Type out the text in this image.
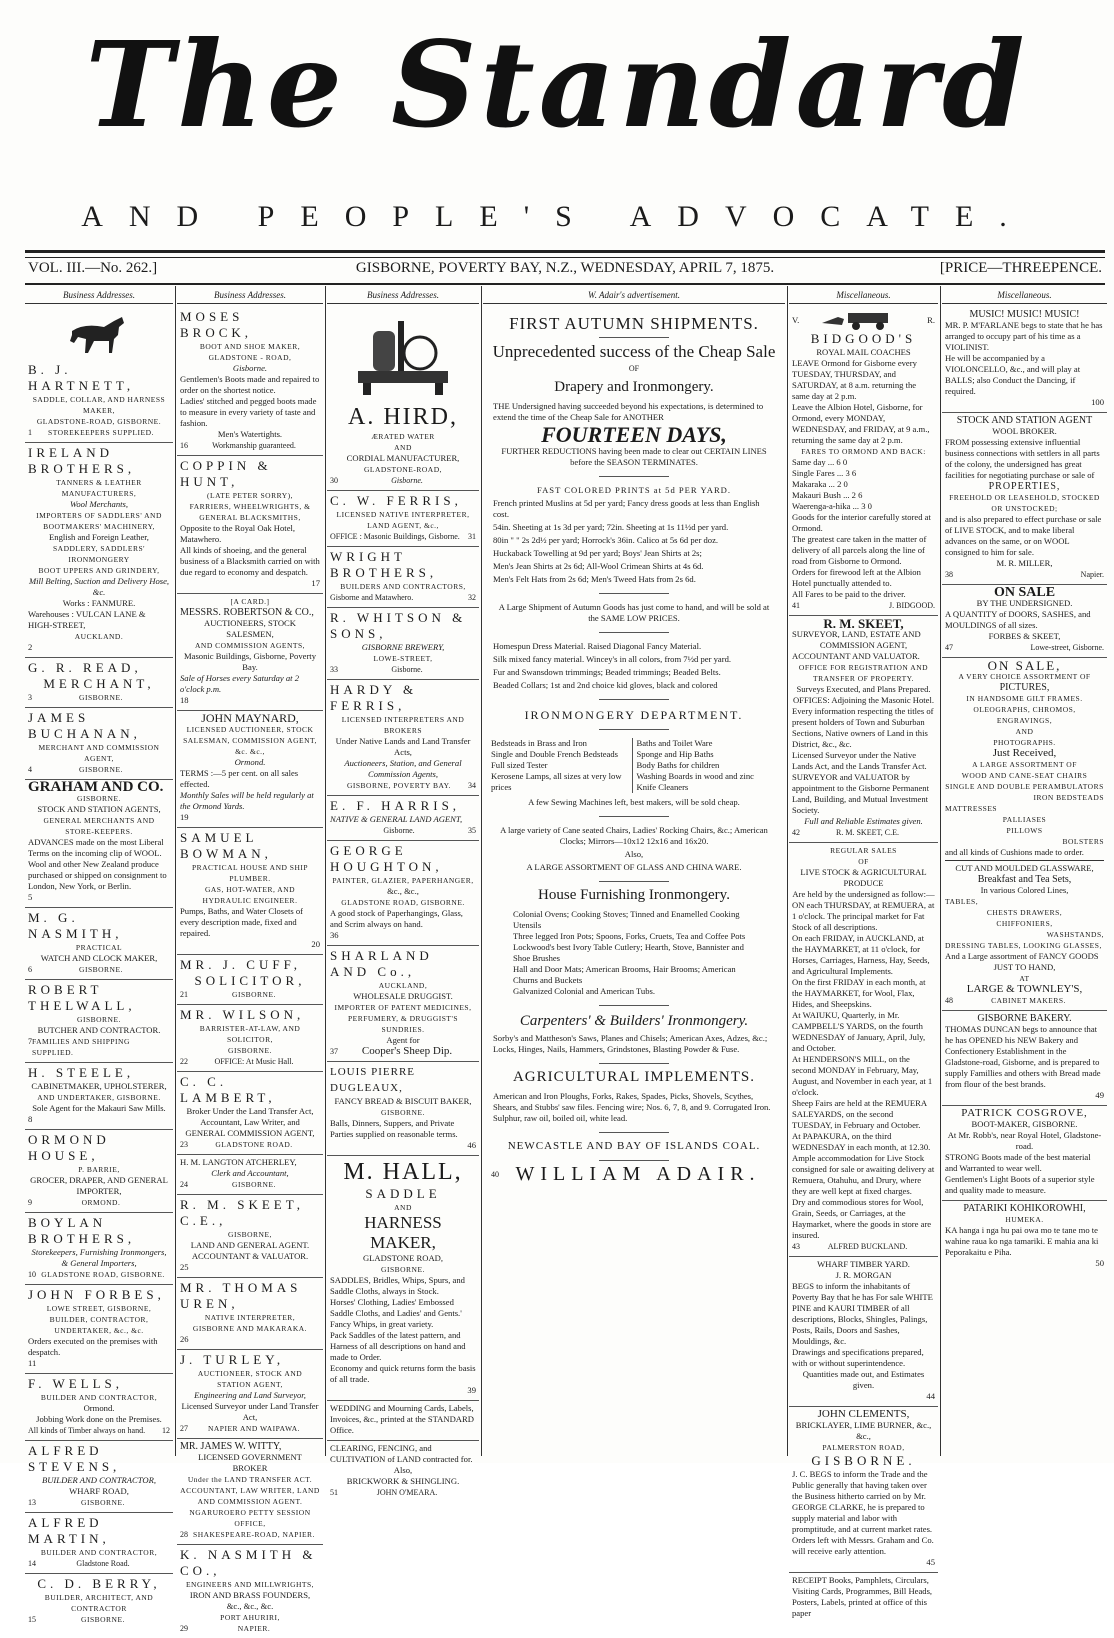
The Standard
AND PEOPLE'S ADVOCATE.
VOL. III.—No. 262.]	GISBORNE, POVERTY BAY, N.Z., WEDNESDAY, APRIL 7, 1875.	[PRICE—THREEPENCE.
Business Addresses.
B. J. HARTNETT,
SADDLE, COLLAR, AND HARNESS MAKER,
GLADSTONE-ROAD, GISBORNE.
1 STOREKEEPERS SUPPLIED.
IRELAND BROTHERS,
TANNERS & LEATHER MANUFACTURERS,
Wool Merchants,
IMPORTERS OF SADDLERS' AND BOOTMAKERS' MACHINERY,
English and Foreign Leather,
SADDLERY, SADDLERS' IRONMONGERY
BOOT UPPERS AND GRINDERY,
Mill Belting, Suction and Delivery Hose, &c.
Works : FANMURE.
Warehouses : VULCAN LANE & HIGH-STREET,
AUCKLAND.
2
G. R. READ,
MERCHANT,
3	GISBORNE.
JAMES BUCHANAN,
MERCHANT AND COMMISSION AGENT,
4	GISBORNE.
GRAHAM AND CO.
GISBORNE.
STOCK AND STATION AGENTS,
GENERAL MERCHANTS AND STORE-KEEPERS.
ADVANCES made on the most Liberal Terms on the incoming clip of WOOL.
Wool and other New Zealand produce purchased or shipped on consignment to London, New York, or Berlin.
5
M. G. NASMITH,
PRACTICAL
WATCH AND CLOCK MAKER,
6	GISBORNE.
ROBERT THELWALL,
GISBORNE.
BUTCHER AND CONTRACTOR.
7 FAMILIES AND SHIPPING SUPPLIED.
H. STEELE,
CABINETMAKER, UPHOLSTERER,
AND UNDERTAKER, GISBORNE.
Sole Agent for the Makauri Saw Mills.
8
ORMOND HOUSE,
P. BARRIE,
GROCER, DRAPER, AND GENERAL IMPORTER,
9	ORMOND.
BOYLAN BROTHERS,
Storekeepers, Furnishing Ironmongers, & General Importers,
10 GLADSTONE ROAD, GISBORNE.
JOHN FORBES,
LOWE STREET, GISBORNE,
BUILDER, CONTRACTOR, UNDERTAKER, &c., &c.
Orders executed on the premises with despatch.
11
F. WELLS,
BUILDER AND CONTRACTOR,
Ormond.
Jobbing Work done on the Premises.
All kinds of Timber always on hand. 12
ALFRED STEVENS,
BUILDER AND CONTRACTOR,
WHARF ROAD,
13	GISBORNE.
ALFRED MARTIN,
BUILDER AND CONTRACTOR,
14	Gladstone Road.
C. D. BERRY,
BUILDER, ARCHITECT, AND CONTRACTOR
15	GISBORNE.
Business Addresses.
MOSES BROCK,
BOOT AND SHOE MAKER,
GLADSTONE - ROAD,
Gisborne.
Gentlemen's Boots made and repaired to order on the shortest notice.
Ladies' stitched and pegged boots made to measure in every variety of taste and fashion.
Men's Watertights.
16	Workmanship guaranteed.
COPPIN & HUNT,
(LATE PETER SORRY),
FARRIERS, WHEELWRIGHTS, & GENERAL BLACKSMITHS,
Opposite to the Royal Oak Hotel, Matawhero.
All kinds of shoeing, and the general business of a Blacksmith carried on with due regard to economy and despatch.
17
[A CARD.]
MESSRS. ROBERTSON & CO.,
AUCTIONEERS, STOCK SALESMEN,
AND COMMISSION AGENTS,
Masonic Buildings, Gisborne, Poverty Bay.
Sale of Horses every Saturday at 2 o'clock p.m.
18
JOHN MAYNARD,
LICENSED AUCTIONEER, STOCK SALESMAN, COMMISSION AGENT, &c. &c.,
Ormond.
TERMS :—5 per cent. on all sales effected.
Monthly Sales will be held regularly at the Ormond Yards.
19
SAMUEL BOWMAN,
PRACTICAL HOUSE AND SHIP PLUMBER.
GAS, HOT-WATER, AND HYDRAULIC ENGINEER.
Pumps, Baths, and Water Closets of every description made, fixed and repaired.
20
MR. J. CUFF,
SOLICITOR,
21	GISBORNE.
MR. WILSON,
BARRISTER-AT-LAW, AND SOLICITOR,
GISBORNE.
22	OFFICE: At Music Hall.
C. C. LAMBERT,
Broker Under the Land Transfer Act,
Accountant, Law Writer, and
GENERAL COMMISSION AGENT,
23	GLADSTONE ROAD.
H. M. LANGTON ATCHERLEY,
Clerk and Accountant,
24	GISBORNE.
R. M. SKEET, C.E.,
GISBORNE,
LAND AND GENERAL AGENT.
ACCOUNTANT & VALUATOR.
25
MR. THOMAS UREN,
NATIVE INTERPRETER,
GISBORNE AND MAKARAKA.
26
J. TURLEY,
AUCTIONEER, STOCK AND STATION AGENT,
Engineering and Land Surveyor,
Licensed Surveyor under Land Transfer Act,
27	NAPIER AND WAIPAWA.
MR. JAMES W. WITTY,
LICENSED GOVERNMENT BROKER
Under the LAND TRANSFER ACT.
ACCOUNTANT, LAW WRITER, LAND AND COMMISSION AGENT.
NGARUROERO PETTY SESSION OFFICE,
28 SHAKESPEARE-ROAD, NAPIER.
K. NASMITH & CO.,
ENGINEERS AND MILLWRIGHTS,
IRON AND BRASS FOUNDERS,
&c., &c., &c.
PORT AHURIRI,
29	NAPIER.
Business Addresses.
A. HIRD,
ÆRATED WATER
AND
CORDIAL MANUFACTURER,
GLADSTONE-ROAD,
30	Gisborne.
C. W. FERRIS,
LICENSED NATIVE INTERPRETER, LAND AGENT, &c.,
OFFICE : Masonic Buildings, Gisborne. 31
WRIGHT BROTHERS,
BUILDERS AND CONTRACTORS,
Gisborne and Matawhero.	32
R. WHITSON & SONS,
GISBORNE BREWERY,
LOWE-STREET,
33	Gisborne.
HARDY & FERRIS,
LICENSED INTERPRETERS AND BROKERS
Under Native Lands and Land Transfer Acts,
Auctioneers, Station, and General Commission Agents,
GISBORNE, POVERTY BAY. 34
E. F. HARRIS,
NATIVE & GENERAL LAND AGENT,
Gisborne.	35
GEORGE HOUGHTON,
PAINTER, GLAZIER, PAPERHANGER,
&c., &c.,
GLADSTONE ROAD, GISBORNE.
A good stock of Paperhangings, Glass, and Scrim always on hand.
36
SHARLAND AND Co.,
AUCKLAND,
WHOLESALE DRUGGIST.
IMPORTER OF PATENT MEDICINES, PERFUMERY, & DRUGGIST'S SUNDRIES.
Agent for
37 Cooper's Sheep Dip.
LOUIS PIERRE DUGLEAUX,
FANCY BREAD & BISCUIT BAKER,
GISBORNE.
Balls, Dinners, Suppers, and Private Parties supplied on reasonable terms.
46
M. HALL,
SADDLE
AND
HARNESS MAKER,
GLADSTONE ROAD,
GISBORNE.
SADDLES, Bridles, Whips, Spurs, and Saddle Cloths, always in Stock.
Horses' Clothing, Ladies' Embossed Saddle Cloths, and Ladies' and Gents.' Fancy Whips, in great variety.
Pack Saddles of the latest pattern, and Harness of all descriptions on hand and made to Order.
Economy and quick returns form the basis of all trade.
39
WEDDING and Mourning Cards, Labels, Invoices, &c., printed at the STANDARD Office.
CLEARING, FENCING, and CULTIVATION of LAND contracted for.
Also,
BRICKWORK & SHINGLING.
51	JOHN O'MEARA.
W. Adair's advertisement.
FIRST AUTUMN SHIPMENTS.
Unprecedented success of the Cheap Sale
OF
Drapery and Ironmongery.

THE Undersigned having succeeded beyond his expectations, is determined to extend the time of the Cheap Sale for ANOTHER

FOURTEEN DAYS,

FURTHER REDUCTIONS having been made to clear out CERTAIN LINES before the SEASON TERMINATES.

FAST COLORED PRINTS at 5d PER YARD.

French printed Muslins at 5d per yard; Fancy dress goods at less than English cost.

54in. Sheeting at 1s 3d per yard; 72in. Sheeting at 1s 11½d per yard.

80in " " 2s 2d½ per yard; Horrock's 36in. Calico at 5s 6d per doz.

Huckaback Towelling at 9d per yard; Boys' Jean Shirts at 2s;

Men's Jean Shirts at 2s 6d; All-Wool Crimean Shirts at 4s 6d.

Men's Felt Hats from 2s 6d; Men's Tweed Hats from 2s 6d.

A Large Shipment of Autumn Goods has just come to hand, and will be sold at the SAME LOW PRICES.

Homespun Dress Material. Raised Diagonal Fancy Material.

Silk mixed fancy material. Wincey's in all colors, from 7½d per yard.

Fur and Swansdown trimmings; Beaded trimmings; Beaded Belts.

Beaded Collars; 1st and 2nd choice kid gloves, black and colored

IRONMONGERY DEPARTMENT.
Bedsteads in Brass and Iron
Single and Double French Bedsteads
Full sized Tester
Kerosene Lamps, all sizes at very low prices
Baths and Toilet Ware
Sponge and Hip Baths
Body Baths for children
Washing Boards in wood and zinc
Knife Cleaners

A few Sewing Machines left, best makers, will be sold cheap.

A large variety of Cane seated Chairs, Ladies' Rocking Chairs, &c.; American Clocks; Mirrors—10x12 12x16 and 16x20.

Also,

A LARGE ASSORTMENT OF GLASS AND CHINA WARE.

House Furnishing Ironmongery.
Colonial Ovens; Cooking Stoves; Tinned and Enamelled Cooking Utensils
Three legged Iron Pots; Spoons, Forks, Cruets, Tea and Coffee Pots
Lockwood's best Ivory Table Cutlery; Hearth, Stove, Bannister and Shoe Brushes
Hall and Door Mats; American Brooms, Hair Brooms; American Churns and Buckets
Galvanized Colonial and American Tubs.
Carpenters' & Builders' Ironmongery.

Sorby's and Mattheson's Saws, Planes and Chisels; American Axes, Adzes, &c.; Locks, Hinges, Nails, Hammers, Grindstones, Blasting Powder & Fuse.

AGRICULTURAL IMPLEMENTS.

American and Iron Ploughs, Forks, Rakes, Spades, Picks, Shovels, Scythes, Shears, and Stubbs' saw files. Fencing wire; Nos. 6, 7, 8, and 9. Corrugated Iron. Sulphur, raw oil, boiled oil, white lead.

NEWCASTLE AND BAY OF ISLANDS COAL.
40 WILLIAM ADAIR.
Miscellaneous.
V.	R.
BIDGOOD'S
ROYAL MAIL COACHES
LEAVE Ormond for Gisborne every TUESDAY, THURSDAY, and SATURDAY, at 8 a.m. returning the same day at 2 p.m.
Leave the Albion Hotel, Gisborne, for Ormond, every MONDAY, WEDNESDAY, and FRIDAY, at 9 a.m., returning the same day at 2 p.m.
FARES TO ORMOND AND BACK:
Same day ... 6 0
Single Fares ... 3 6
Makaraka ... 2 0
Makauri Bush ... 2 6
Waerenga-a-hika ... 3 0
Goods for the interior carefully stored at Ormond.
The greatest care taken in the matter of delivery of all parcels along the line of road from Gisborne to Ormond.
Orders for firewood left at the Albion Hotel punctually attended to.
All Fares to be paid to the driver.
41	J. BIDGOOD.
R. M. SKEET,
SURVEYOR, LAND, ESTATE AND
COMMISSION AGENT,
ACCOUNTANT AND VALUATOR.
OFFICE FOR REGISTRATION AND TRANSFER OF PROPERTY.
Surveys Executed, and Plans Prepared.
OFFICES: Adjoining the Masonic Hotel.
Every information respecting the titles of present holders of Town and Suburban Sections, Native owners of Land in this District, &c., &c.
Licensed Surveyor under the Native Lands Act, and the Lands Transfer Act.
SURVEYOR and VALUATOR by appointment to the Gisborne Permanent Land, Building, and Mutual Investment Society.
Full and Reliable Estimates given.
42	R. M. SKEET, C.E.
REGULAR SALES
OF
LIVE STOCK & AGRICULTURAL PRODUCE
Are held by the undersigned as follow:—
ON each THURSDAY, at REMUERA, at 1 o'clock. The principal market for Fat Stock of all descriptions.
On each FRIDAY, in AUCKLAND, at the HAYMARKET, at 11 o'clock, for Horses, Carriages, Harness, Hay, Seeds, and Agricultural Implements.
On the first FRIDAY in each month, at the HAYMARKET, for Wool, Flax, Hides, and Sheepskins.
At WAIUKU, Quarterly, in Mr. CAMPBELL'S YARDS, on the fourth WEDNESDAY of January, April, July, and October.
At HENDERSON'S MILL, on the second MONDAY in February, May, August, and November in each year, at 1 o'clock.
Sheep Fairs are held at the REMUERA SALEYARDS, on the second TUESDAY, in February and October.
At PAPAKURA, on the third WEDNESDAY in each month, at 12.30.
Ample accommodation for Live Stock consigned for sale or awaiting delivery at Remuera, Otahuhu, and Drury, where they are well kept at fixed charges.
Dry and commodious stores for Wool, Grain, Seeds, or Carriages, at the Haymarket, where the goods in store are insured.
43	ALFRED BUCKLAND.
WHARF TIMBER YARD.
J. R. MORGAN
BEGS to inform the inhabitants of Poverty Bay that he has For sale WHITE PINE and KAURI TIMBER of all descriptions, Blocks, Shingles, Palings, Posts, Rails, Doors and Sashes, Mouldings, &c.
Drawings and specifications prepared, with or without superintendence.
Quantities made out, and Estimates given.
44
JOHN CLEMENTS,
BRICKLAYER, LIME BURNER, &c., &c.,
PALMERSTON ROAD,
GISBORNE.
J. C. BEGS to inform the Trade and the Public generally that having taken over the Business hitherto carried on by Mr. GEORGE CLARKE, he is prepared to supply material and labor with promptitude, and at current market rates.
Orders left with Messrs. Graham and Co. will receive early attention.
45
RECEIPT Books, Pamphlets, Circulars, Visiting Cards, Programmes, Bill Heads, Posters, Labels, printed at office of this paper
Miscellaneous.
MUSIC! MUSIC! MUSIC!
MR. P. M'FARLANE begs to state that he has arranged to occupy part of his time as a VIOLINIST.
He will be accompanied by a VIOLONCELLO, &c., and will play at BALLS; also Conduct the Dancing, if required.
100
STOCK AND STATION AGENT
WOOL BROKER.
FROM possessing extensive influential business connections with settlers in all parts of the colony, the undersigned has great facilities for negotiating purchase or sale of
PROPERTIES,
FREEHOLD OR LEASEHOLD, STOCKED OR UNSTOCKED;
and is also prepared to effect purchase or sale of LIVE STOCK, and to make liberal advances on the same, or on WOOL consigned to him for sale.
M. R. MILLER,
38	Napier.
ON SALE
BY THE UNDERSIGNED.
A QUANTITY of DOORS, SASHES, and MOULDINGS of all sizes.
FORBES & SKEET,
47	Lowe-street, Gisborne.
ON SALE,
A VERY CHOICE ASSORTMENT OF
PICTURES,
IN HANDSOME GILT FRAMES.
OLEOGRAPHS, CHROMOS, ENGRAVINGS,
AND
PHOTOGRAPHS.
Just Received,
A LARGE ASSORTMENT OF
WOOD AND CANE-SEAT CHAIRS
SINGLE AND DOUBLE PERAMBULATORS
IRON BEDSTEADS
MATTRESSES
PALLIASES
PILLOWS
BOLSTERS
and all kinds of Cushions made to order.
CUT AND MOULDED GLASSWARE,
Breakfast and Tea Sets,
In various Colored Lines,
TABLES,
CHESTS DRAWERS,
CHIFFONIERS,
WASHSTANDS,
DRESSING TABLES, LOOKING GLASSES,
And a Large assortment of FANCY GOODS
JUST TO HAND,
AT
LARGE & TOWNLEY'S,
48	CABINET MAKERS.
GISBORNE BAKERY.
THOMAS DUNCAN begs to announce that he has OPENED his NEW Bakery and Confectionery Establishment in the Gladstone-road, Gisborne, and is prepared to supply Famillies and others with Bread made from flour of the best brands.
49
PATRICK COSGROVE,
BOOT-MAKER, GISBORNE.
At Mr. Robb's, near Royal Hotel, Gladstone-road.
STRONG Boots made of the best material and Warranted to wear well.
Gentlemen's Light Boots of a superior style and quality made to measure.
PATARIKI KOHIKOROWHI,
HUMEKA.
KA hanga i nga hu pai owa mo te tane mo te wahine raua ko nga tamariki. E mahia ana ki Peporakaitu e Piha.
50
